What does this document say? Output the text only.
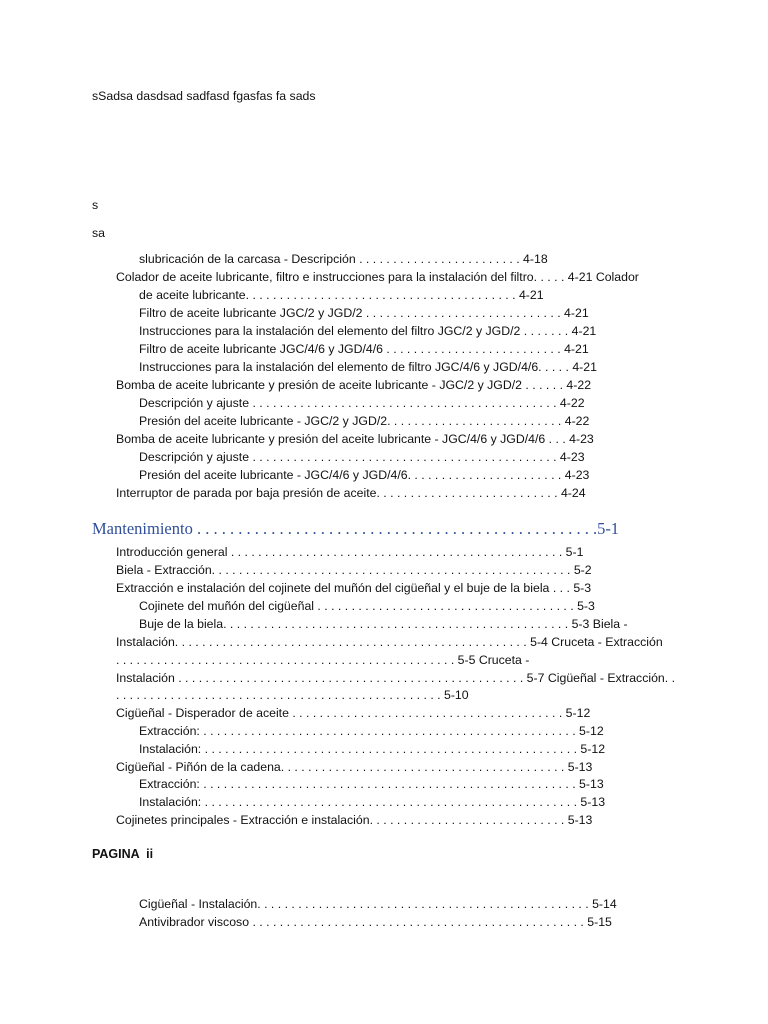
sSadsa dasdsad sadfasd fgasfas fa sads
s
sa
slubricación de la carcasa - Descripción . . . . . . . . . . . . . . . . . . . . . . . . 4-18
Colador de aceite lubricante, filtro e instrucciones para la instalación del filtro. . . . . 4-21 Colador
de aceite lubricante. . . . . . . . . . . . . . . . . . . . . . . . . . . . . . . . . . . . . . . . 4-21
Filtro de aceite lubricante JGC/2 y JGD/2 . . . . . . . . . . . . . . . . . . . . . . . . . . . . . 4-21
Instrucciones para la instalación del elemento del filtro JGC/2 y JGD/2 . . . . . . . 4-21
Filtro de aceite lubricante JGC/4/6 y JGD/4/6 . . . . . . . . . . . . . . . . . . . . . . . . . . 4-21
Instrucciones para la instalación del elemento de filtro JGC/4/6 y JGD/4/6. . . . . 4-21
Bomba de aceite lubricante y presión de aceite lubricante - JGC/2 y JGD/2 . . . . . . 4-22
Descripción y ajuste . . . . . . . . . . . . . . . . . . . . . . . . . . . . . . . . . . . . . . . . . . . . . 4-22
Presión del aceite lubricante - JGC/2 y JGD/2. . . . . . . . . . . . . . . . . . . . . . . . . . 4-22
Bomba de aceite lubricante y presión del aceite lubricante - JGC/4/6 y JGD/4/6 . . . 4-23
Descripción y ajuste . . . . . . . . . . . . . . . . . . . . . . . . . . . . . . . . . . . . . . . . . . . . . 4-23
Presión del aceite lubricante - JGC/4/6 y JGD/4/6. . . . . . . . . . . . . . . . . . . . . . . 4-23
Interruptor de parada por baja presión de aceite. . . . . . . . . . . . . . . . . . . . . . . . . . . 4-24
Mantenimiento . . . . . . . . . . . . . . . . . . . . . . . . . . . . . . . . . . . . . . . . . . . . . . . . .5-1
Introducción general . . . . . . . . . . . . . . . . . . . . . . . . . . . . . . . . . . . . . . . . . . . . . . . . . 5-1
Biela - Extracción. . . . . . . . . . . . . . . . . . . . . . . . . . . . . . . . . . . . . . . . . . . . . . . . . . . . . 5-2
Extracción e instalación del cojinete del muñón del cigüeñal y el buje de la biela . . . 5-3
Cojinete del muñón del cigüeñal . . . . . . . . . . . . . . . . . . . . . . . . . . . . . . . . . . . . . . 5-3
Buje de la biela. . . . . . . . . . . . . . . . . . . . . . . . . . . . . . . . . . . . . . . . . . . . . . . . . . . 5-3 Biela -
Instalación. . . . . . . . . . . . . . . . . . . . . . . . . . . . . . . . . . . . . . . . . . . . . . . . . . . . 5-4 Cruceta - Extracción
. . . . . . . . . . . . . . . . . . . . . . . . . . . . . . . . . . . . . . . . . . . . . . . . . . 5-5 Cruceta -
Instalación . . . . . . . . . . . . . . . . . . . . . . . . . . . . . . . . . . . . . . . . . . . . . . . . . . . 5-7 Cigüeñal - Extracción. .
. . . . . . . . . . . . . . . . . . . . . . . . . . . . . . . . . . . . . . . . . . . . . . . . 5-10
Cigüeñal - Disperador de aceite . . . . . . . . . . . . . . . . . . . . . . . . . . . . . . . . . . . . . . . . 5-12
Extracción: . . . . . . . . . . . . . . . . . . . . . . . . . . . . . . . . . . . . . . . . . . . . . . . . . . . . . . . 5-12
Instalación: . . . . . . . . . . . . . . . . . . . . . . . . . . . . . . . . . . . . . . . . . . . . . . . . . . . . . . . 5-12
Cigüeñal - Piñón de la cadena. . . . . . . . . . . . . . . . . . . . . . . . . . . . . . . . . . . . . . . . . . 5-13
Extracción: . . . . . . . . . . . . . . . . . . . . . . . . . . . . . . . . . . . . . . . . . . . . . . . . . . . . . . . 5-13
Instalación: . . . . . . . . . . . . . . . . . . . . . . . . . . . . . . . . . . . . . . . . . . . . . . . . . . . . . . . 5-13
Cojinetes principales - Extracción e instalación. . . . . . . . . . . . . . . . . . . . . . . . . . . . . 5-13
PAGINA  ii
Cigüeñal - Instalación. . . . . . . . . . . . . . . . . . . . . . . . . . . . . . . . . . . . . . . . . . . . . . . . . 5-14
Antivibrador viscoso . . . . . . . . . . . . . . . . . . . . . . . . . . . . . . . . . . . . . . . . . . . . . . . . . 5-15
